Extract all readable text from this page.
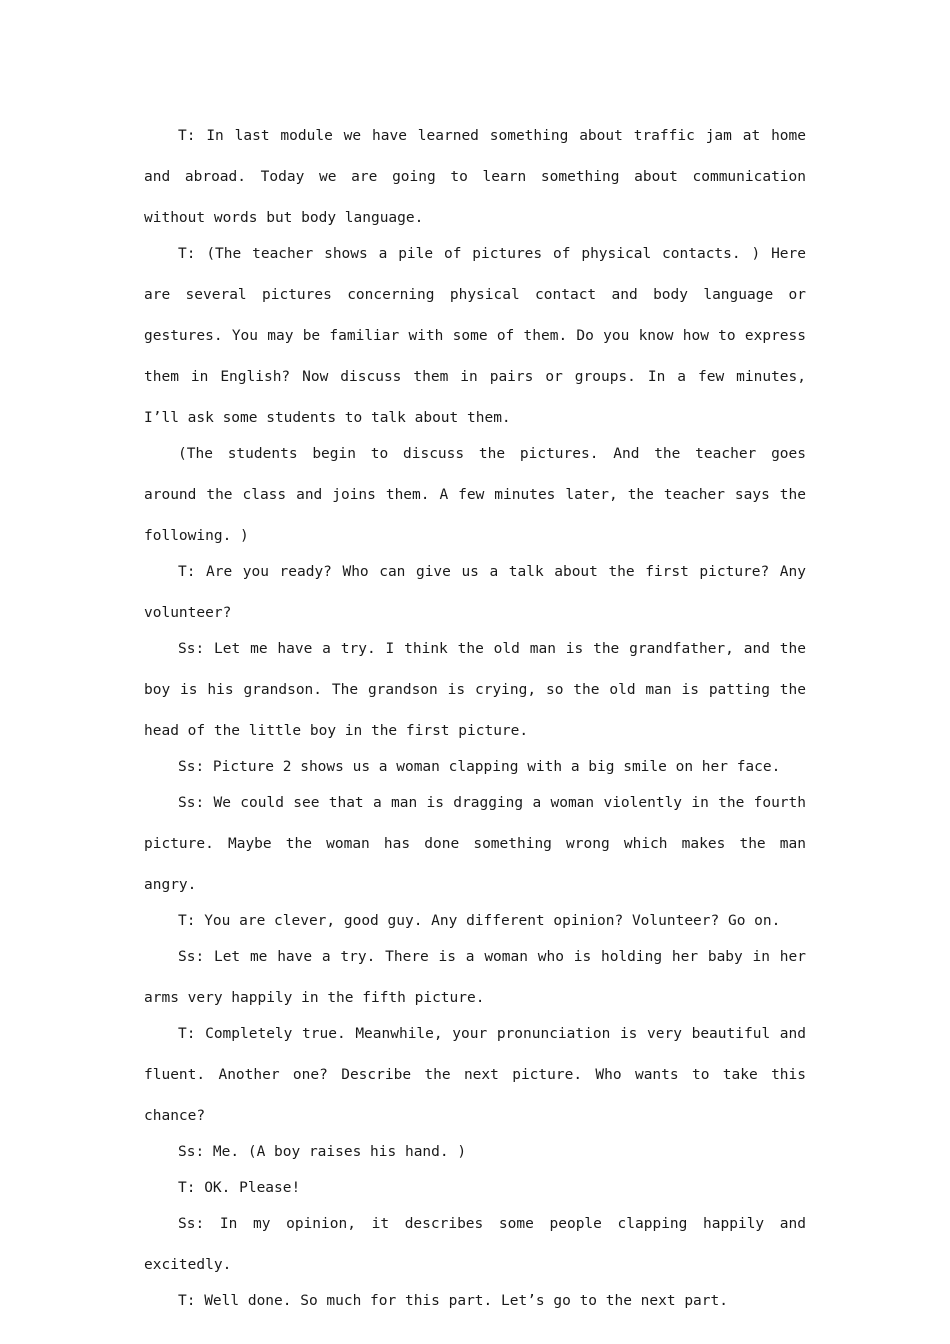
T: In last module we have learned something about traffic jam at home and abroad. Today we are going to learn something about communication without words but body language.

T: (The teacher shows a pile of pictures of physical contacts. ) Here are several pictures concerning physical contact and body language or gestures. You may be familiar with some of them. Do you know how to express them in English? Now discuss them in pairs or groups. In a few minutes, I’ll ask some students to talk about them.

(The students begin to discuss the pictures. And the teacher goes around the class and joins them. A few minutes later, the teacher says the following. )

T: Are you ready? Who can give us a talk about the first picture? Any volunteer?

Ss: Let me have a try. I think the old man is the grandfather, and the boy is his grandson. The grandson is crying, so the old man is patting the head of the little boy in the first picture.

Ss: Picture 2 shows us a woman clapping with a big smile on her face.

Ss: We could see that a man is dragging a woman violently in the fourth picture. Maybe the woman has done something wrong which makes the man angry.

T: You are clever, good guy. Any different opinion? Volunteer? Go on.

Ss: Let me have a try. There is a woman who is holding her baby in her arms very happily in the fifth picture.

T: Completely true. Meanwhile, your pronunciation is very beautiful and fluent. Another one? Describe the next picture. Who wants to take this chance?

Ss: Me. (A boy raises his hand. )

T: OK. Please!

Ss: In my opinion, it describes some people clapping happily and excitedly.

T: Well done. So much for this part. Let’s go to the next part.
